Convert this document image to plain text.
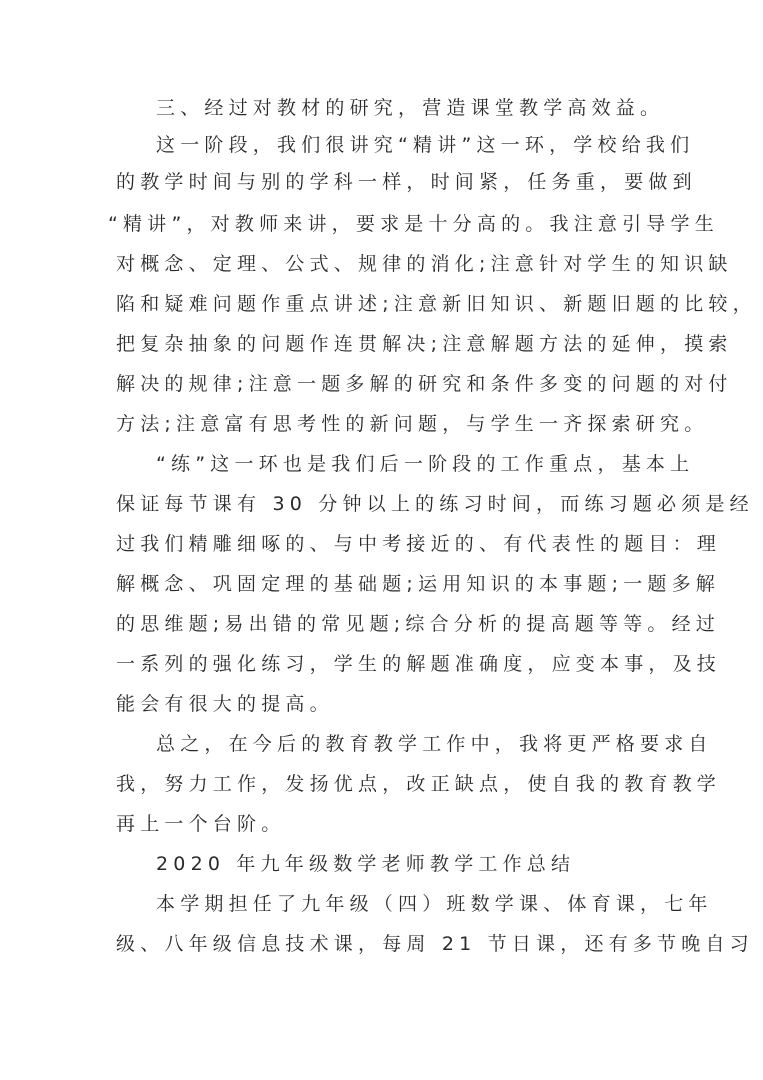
三、经过对教材的研究，营造课堂教学高效益。
这一阶段，我们很讲究“精讲”这一环，学校给我们
的教学时间与别的学科一样，时间紧，任务重，要做到
“精讲”，对教师来讲，要求是十分高的。我注意引导学生
对概念、定理、公式、规律的消化;注意针对学生的知识缺
陷和疑难问题作重点讲述;注意新旧知识、新题旧题的比较，
把复杂抽象的问题作连贯解决;注意解题方法的延伸，摸索
解决的规律;注意一题多解的研究和条件多变的问题的对付
方法;注意富有思考性的新问题，与学生一齐探索研究。
“练”这一环也是我们后一阶段的工作重点，基本上
保证每节课有 30 分钟以上的练习时间，而练习题必须是经
过我们精雕细啄的、与中考接近的、有代表性的题目：理
解概念、巩固定理的基础题;运用知识的本事题;一题多解
的思维题;易出错的常见题;综合分析的提高题等等。经过
一系列的强化练习，学生的解题准确度，应变本事，及技
能会有很大的提高。
总之，在今后的教育教学工作中，我将更严格要求自
我，努力工作，发扬优点，改正缺点，使自我的教育教学
再上一个台阶。
2020 年九年级数学老师教学工作总结
本学期担任了九年级（四）班数学课、体育课，七年
级、八年级信息技术课，每周 21 节日课，还有多节晚自习
